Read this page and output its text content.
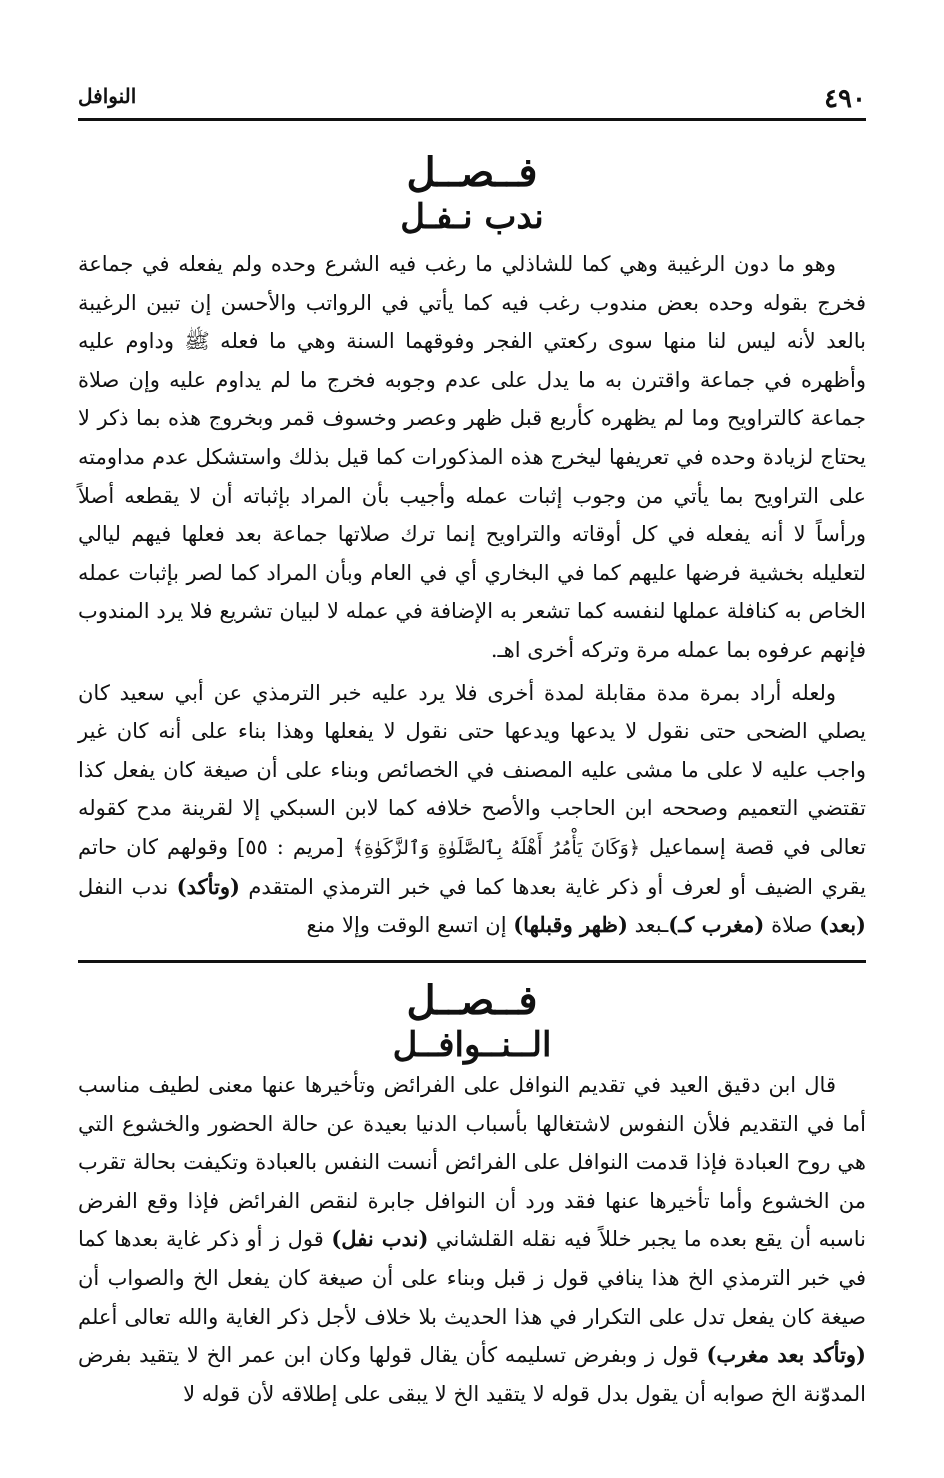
٤٩٠
النوافل
فــصــل
ندب نـفـل

وهو ما دون الرغيبة وهي كما للشاذلي ما رغب فيه الشرع وحده ولم يفعله في جماعة فخرج بقوله وحده بعض مندوب رغب فيه كما يأتي في الرواتب والأحسن إن تبين الرغيبة بالعد لأنه ليس لنا منها سوى ركعتي الفجر وفوقهما السنة وهي ما فعله ﷺ وداوم عليه وأظهره في جماعة واقترن به ما يدل على عدم وجوبه فخرج ما لم يداوم عليه وإن صلاة جماعة كالتراويح وما لم يظهره كأربع قبل ظهر وعصر وخسوف قمر وبخروج هذه بما ذكر لا يحتاج لزيادة وحده في تعريفها ليخرج هذه المذكورات كما قيل بذلك واستشكل عدم مداومته على التراويح بما يأتي من وجوب إثبات عمله وأجيب بأن المراد بإثباته أن لا يقطعه أصلاً ورأساً لا أنه يفعله في كل أوقاته والتراويح إنما ترك صلاتها جماعة بعد فعلها فيهم ليالي لتعليله بخشية فرضها عليهم كما في البخاري أي في العام وبأن المراد كما لصر بإثبات عمله الخاص به كنافلة عملها لنفسه كما تشعر به الإضافة في عمله لا لبيان تشريع فلا يرد المندوب فإنهم عرفوه بما عمله مرة وتركه أخرى اهـ.

ولعله أراد بمرة مدة مقابلة لمدة أخرى فلا يرد عليه خبر الترمذي عن أبي سعيد كان يصلي الضحى حتى نقول لا يدعها ويدعها حتى نقول لا يفعلها وهذا بناء على أنه كان غير واجب عليه لا على ما مشى عليه المصنف في الخصائص وبناء على أن صيغة كان يفعل كذا تقتضي التعميم وصححه ابن الحاجب والأصح خلافه كما لابن السبكي إلا لقرينة مدح كقوله تعالى في قصة إسماعيل ﴿وَكَانَ يَأْمُرُ أَهْلَهُ بِٱلصَّلَوٰةِ وَٱلزَّكَوٰةِ﴾ [مريم : ٥٥] وقولهم كان حاتم يقري الضيف أو لعرف أو ذكر غاية بعدها كما في خبر الترمذي المتقدم (وتأكد) ندب النفل (بعد) صلاة (مغرب كـ)ـبعد (ظهر وقبلها) إن اتسع الوقت وإلا منع

فــصــل
الــنــوافــل

قال ابن دقيق العيد في تقديم النوافل على الفرائض وتأخيرها عنها معنى لطيف مناسب أما في التقديم فلأن النفوس لاشتغالها بأسباب الدنيا بعيدة عن حالة الحضور والخشوع التي هي روح العبادة فإذا قدمت النوافل على الفرائض أنست النفس بالعبادة وتكيفت بحالة تقرب من الخشوع وأما تأخيرها عنها فقد ورد أن النوافل جابرة لنقص الفرائض فإذا وقع الفرض ناسبه أن يقع بعده ما يجبر خللاً فيه نقله القلشاني (ندب نفل) قول ز أو ذكر غاية بعدها كما في خبر الترمذي الخ هذا ينافي قول ز قبل وبناء على أن صيغة كان يفعل الخ والصواب أن صيغة كان يفعل تدل على التكرار في هذا الحديث بلا خلاف لأجل ذكر الغاية والله تعالى أعلم (وتأكد بعد مغرب) قول ز وبفرض تسليمه كأن يقال قولها وكان ابن عمر الخ لا يتقيد بفرض المدوّنة الخ صوابه أن يقول بدل قوله لا يتقيد الخ لا يبقى على إطلاقه لأن قوله لا
